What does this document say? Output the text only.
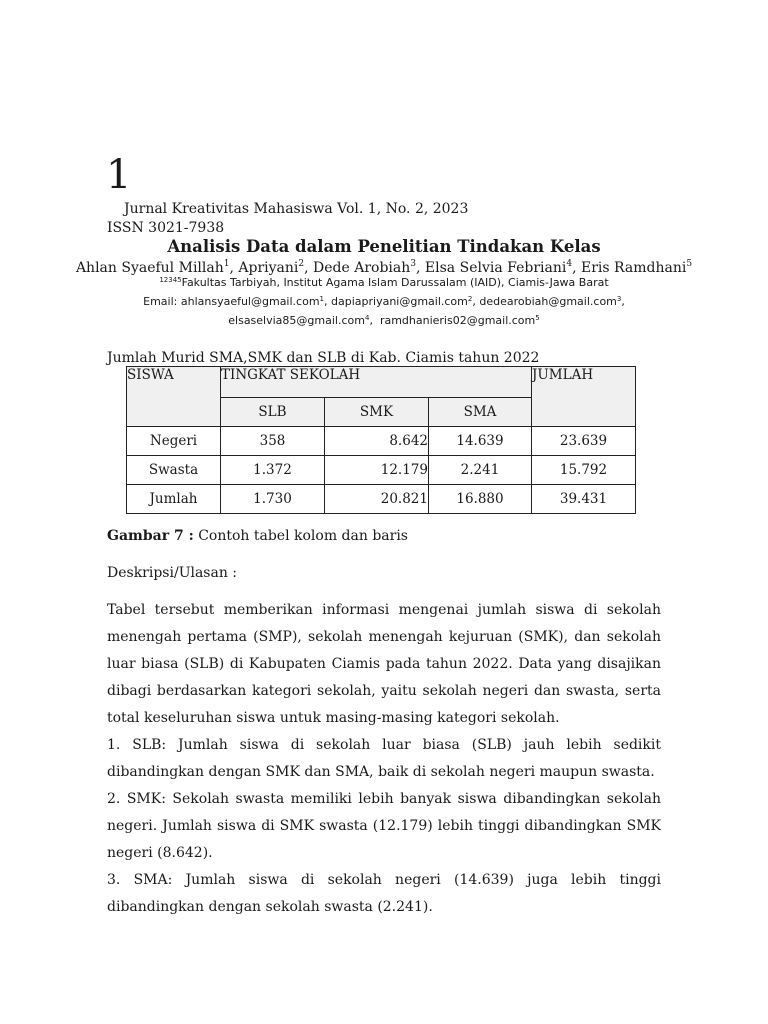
1
Jurnal Kreativitas Mahasiswa Vol. 1, No. 2, 2023
ISSN 3021-7938
Analisis Data dalam Penelitian Tindakan Kelas
Ahlan Syaeful Millah$^1$, Apriyani$^2$, Dede Arobiah$^3$, Elsa Selvia Febriani$^4$, Eris Ramdhani$^5$
$^{12345}$Fakultas Tarbiyah, Institut Agama Islam Darussalam (IAID), Ciamis-Jawa Barat
Email: ahlansyaeful@gmail.com$^1$, dapiapriyani@gmail.com$^2$, dedearobiah@gmail.com$^3$,
elsaselvia85@gmail.com$^4$,  ramdhanieris02@gmail.com$^5$
Jumlah Murid SMA,SMK dan SLB di Kab. Ciamis tahun 2022
SISWA	TINGKAT SEKOLAH			JUMLAH
	SLB	SMK	SMA	
Negeri	358	8.642	14.639	23.639
Swasta	1.372	12.179	2.241	15.792
Jumlah	1.730	20.821	16.880	39.431
Gambar 7 : Contoh tabel kolom dan baris
Deskripsi/Ulasan :

Tabel tersebut memberikan informasi mengenai jumlah siswa di sekolah menengah pertama (SMP), sekolah menengah kejuruan (SMK), dan sekolah luar biasa (SLB) di Kabupaten Ciamis pada tahun 2022. Data yang disajikan dibagi berdasarkan kategori sekolah, yaitu sekolah negeri dan swasta, serta total keseluruhan siswa untuk masing-masing kategori sekolah.

1. SLB: Jumlah siswa di sekolah luar biasa (SLB) jauh lebih sedikit dibandingkan dengan SMK dan SMA, baik di sekolah negeri maupun swasta.

2. SMK: Sekolah swasta memiliki lebih banyak siswa dibandingkan sekolah negeri. Jumlah siswa di SMK swasta (12.179) lebih tinggi dibandingkan SMK negeri (8.642).

3. SMA: Jumlah siswa di sekolah negeri (14.639) juga lebih tinggi dibandingkan dengan sekolah swasta (2.241).
